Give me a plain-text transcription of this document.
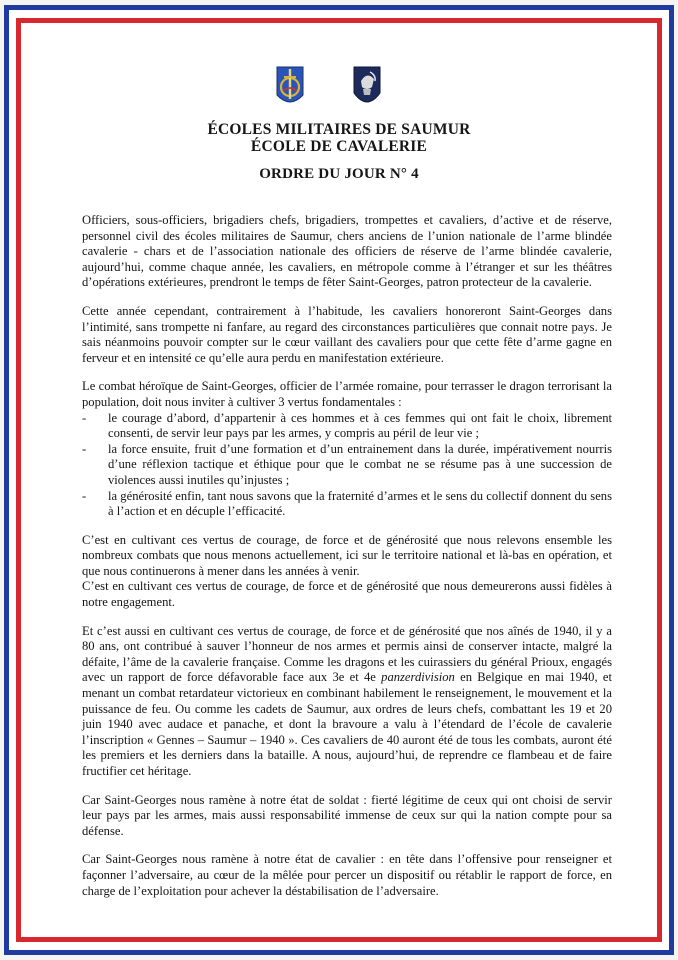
ÉCOLES MILITAIRES DE SAUMUR
ÉCOLE DE CAVALERIE
ORDRE DU JOUR N° 4

Officiers, sous-officiers, brigadiers chefs, brigadiers, trompettes et cavaliers, d’active et de réserve, personnel civil des écoles militaires de Saumur, chers anciens de l’union nationale de l’arme blindée cavalerie - chars et de l’association nationale des officiers de réserve de l’arme blindée cavalerie, aujourd’hui, comme chaque année, les cavaliers, en métropole comme à l’étranger et sur les théâtres d’opérations extérieures, prendront le temps de fêter Saint-Georges, patron protecteur de la cavalerie.

Cette année cependant, contrairement à l’habitude, les cavaliers honoreront Saint-Georges dans l’intimité, sans trompette ni fanfare, au regard des circonstances particulières que connait notre pays. Je sais néanmoins pouvoir compter sur le cœur vaillant des cavaliers pour que cette fête d’arme gagne en ferveur et en intensité ce qu’elle aura perdu en manifestation extérieure.

Le combat héroïque de Saint-Georges, officier de l’armée romaine, pour terrasser le dragon terrorisant la population, doit nous inviter à cultiver 3 vertus fondamentales :

- le courage d’abord, d’appartenir à ces hommes et à ces femmes qui ont fait le choix, librement consenti, de servir leur pays par les armes, y compris au péril de leur vie ;
- la force ensuite, fruit d’une formation et d’un entrainement dans la durée, impérativement nourris d’une réflexion tactique et éthique pour que le combat ne se résume pas à une succession de violences aussi inutiles qu’injustes ;
- la générosité enfin, tant nous savons que la fraternité d’armes et le sens du collectif donnent du sens à l’action et en décuple l’efficacité.

C’est en cultivant ces vertus de courage, de force et de générosité que nous relevons ensemble les nombreux combats que nous menons actuellement, ici sur le territoire national et là-bas en opération, et que nous continuerons à mener dans les années à venir.

C’est en cultivant ces vertus de courage, de force et de générosité que nous demeurerons aussi fidèles à notre engagement.

Et c’est aussi en cultivant ces vertus de courage, de force et de générosité que nos aînés de 1940, il y a 80 ans, ont contribué à sauver l’honneur de nos armes et permis ainsi de conserver intacte, malgré la défaite, l’âme de la cavalerie française. Comme les dragons et les cuirassiers du général Prioux, engagés avec un rapport de force défavorable face aux 3e et 4e panzerdivision en Belgique en mai 1940, et menant un combat retardateur victorieux en combinant habilement le renseignement, le mouvement et la puissance de feu. Ou comme les cadets de Saumur, aux ordres de leurs chefs, combattant les 19 et 20 juin 1940 avec audace et panache, et dont la bravoure a valu à l’étendard de l’école de cavalerie l’inscription « Gennes – Saumur – 1940 ». Ces cavaliers de 40 auront été de tous les combats, auront été les premiers et les derniers dans la bataille. A nous, aujourd’hui, de reprendre ce flambeau et de faire fructifier cet héritage.

Car Saint-Georges nous ramène à notre état de soldat : fierté légitime de ceux qui ont choisi de servir leur pays par les armes, mais aussi responsabilité immense de ceux sur qui la nation compte pour sa défense.

Car Saint-Georges nous ramène à notre état de cavalier : en tête dans l’offensive pour renseigner et façonner l’adversaire, au cœur de la mêlée pour percer un dispositif ou rétablir le rapport de force, en charge de l’exploitation pour achever la déstabilisation de l’adversaire.
